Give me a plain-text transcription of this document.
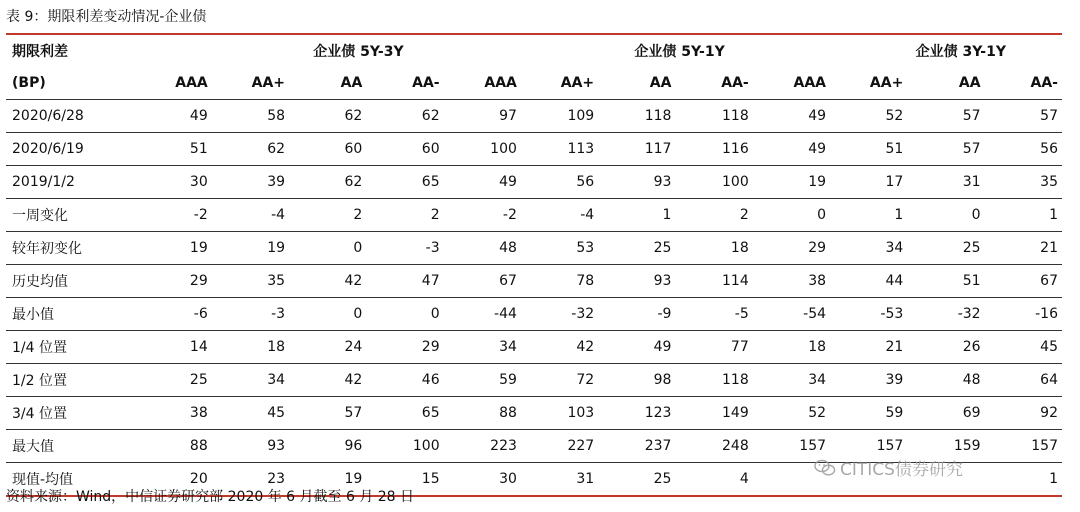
表 9：期限利差变动情况-企业债
期限利差	企业债 5Y-3Y				企业债 5Y-1Y				企业债 3Y-1Y			
(BP)	AAA	AA+	AA	AA-	AAA	AA+	AA	AA-	AAA	AA+	AA	AA-
2020/6/28	49	58	62	62	97	109	118	118	49	52	57	57
2020/6/19	51	62	60	60	100	113	117	116	49	51	57	56
2019/1/2	30	39	62	65	49	56	93	100	19	17	31	35
一周变化	-2	-4	2	2	-2	-4	1	2	0	1	0	1
较年初变化	19	19	0	-3	48	53	25	18	29	34	25	21
历史均值	29	35	42	47	67	78	93	114	38	44	51	67
最小值	-6	-3	0	0	-44	-32	-9	-5	-54	-53	-32	-16
1/4 位置	14	18	24	29	34	42	49	77	18	21	26	45
1/2 位置	25	34	42	46	59	72	98	118	34	39	48	64
3/4 位置	38	45	57	65	88	103	123	149	52	59	69	92
最大值	88	93	96	100	223	227	237	248	157	157	159	157
现值-均值	20	23	19	15	30	31	25	4				1
CITICS债券研究
资料来源：Wind，中信证券研究部 2020 年 6 月截至 6 月 28 日
